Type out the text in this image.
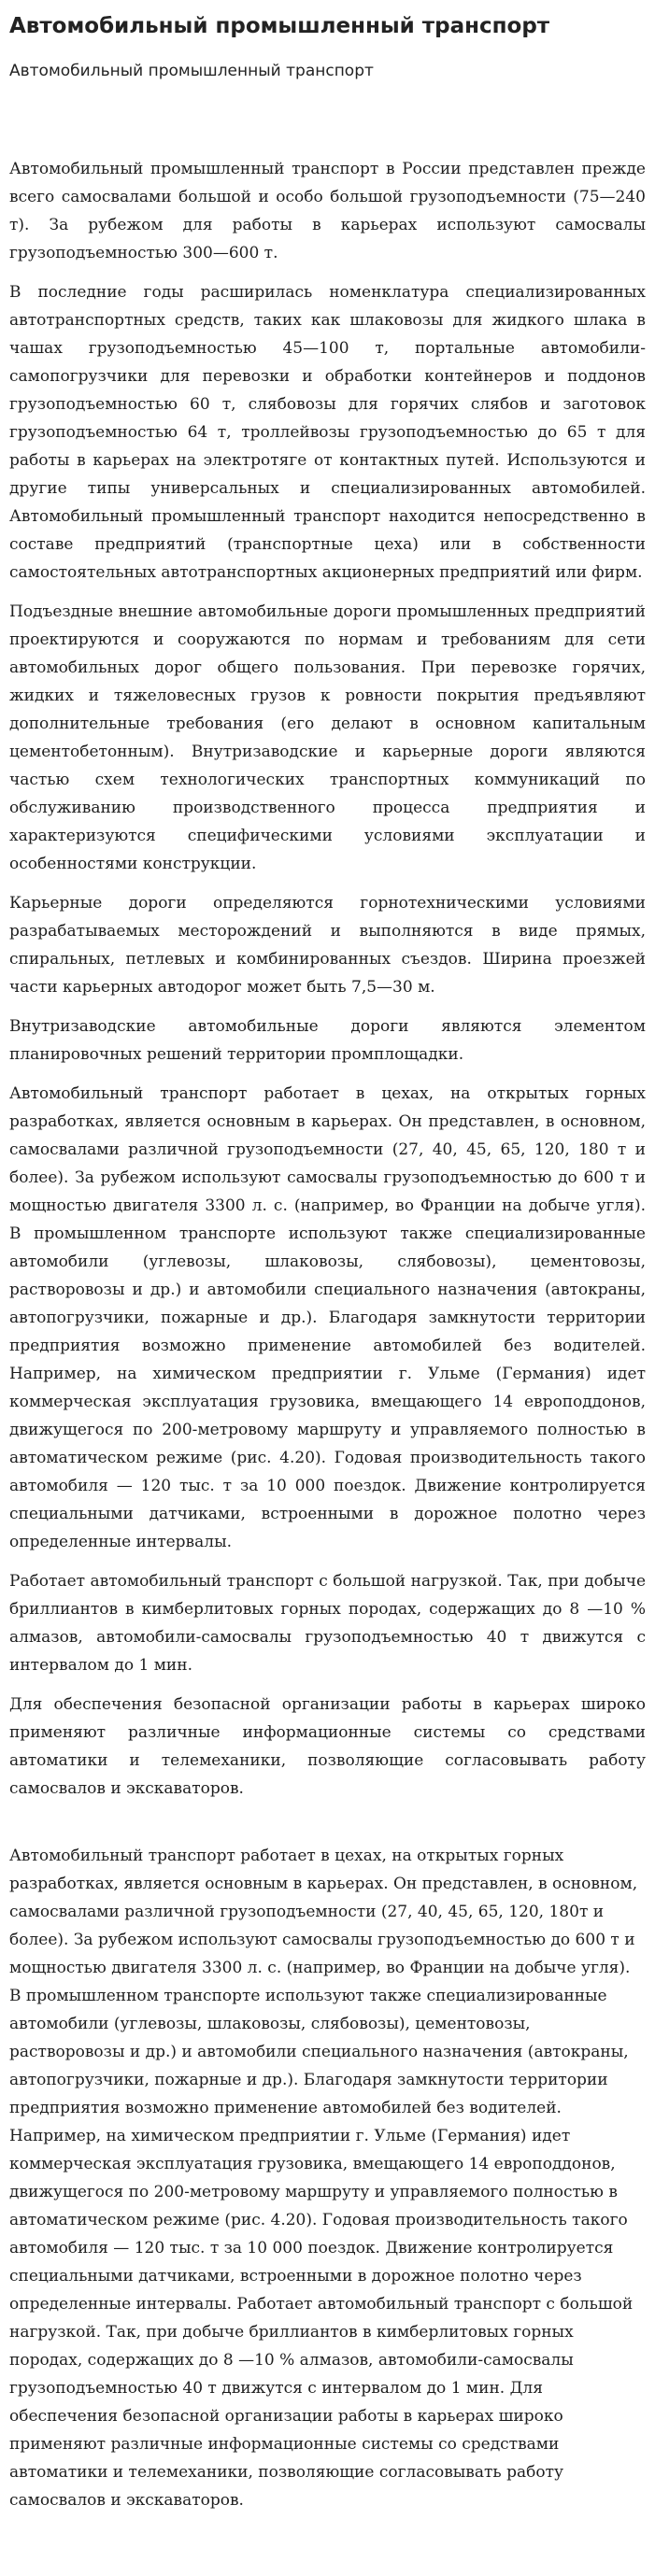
Автомобильный промышленный транспорт
Автомобильный промышленный транспорт

Автомобильный промышленный транспорт в России представлен прежде всего самосвалами большой и особо большой грузоподъемности (75—240 т). За рубежом для работы в карьерах используют самосвалы грузоподъемностью 300—600 т.

В последние годы расширилась номенклатура специализированных автотранспортных средств, таких как шлаковозы для жидкого шлака в чашах грузоподъемностью 45—100 т, портальные автомобили-самопогрузчики для перевозки и обработки контейнеров и поддонов грузоподъемностью 60 т, слябовозы для горячих слябов и заготовок грузоподъемностью 64 т, троллейвозы грузоподъемностью до 65 т для работы в карьерах на электротяге от контактных путей. Используются и другие типы универсальных и специализированных автомобилей. Автомобильный промышленный транспорт находится непосредственно в составе предприятий (транспортные цеха) или в собственности самостоятельных автотранспортных акционерных предприятий или фирм.

Подъездные внешние автомобильные дороги промышленных предприятий проектируются и сооружаются по нормам и требованиям для сети автомобильных дорог общего пользования. При перевозке горячих, жидких и тяжеловесных грузов к ровности покрытия предъявляют дополнительные требования (его делают в основном капитальным цементобетонным). Внутризаводские и карьерные дороги являются частью схем технологических транспортных коммуникаций по обслуживанию производственного процесса предприятия и характеризуются специфическими условиями эксплуатации и особенностями конструкции.

Карьерные дороги определяются горнотехническими условиями разрабатываемых месторождений и выполняются в виде прямых, спиральных, петлевых и комбинированных съездов. Ширина проезжей части карьерных автодорог может быть 7,5—30 м.

Внутризаводские автомобильные дороги являются элементом планировочных решений территории промплощадки.

Автомобильный транспорт работает в цехах, на открытых горных разработках, является основным в карьерах. Он представлен, в основном, самосвалами различной грузоподъемности (27, 40, 45, 65, 120, 180 т и более). За рубежом используют самосвалы грузоподъемностью до 600 т и мощностью двигателя 3300 л. с. (например, во Франции на добыче угля). В промышленном транспорте используют также специализированные автомобили (углевозы, шлаковозы, слябовозы), цементовозы, растворовозы и др.) и автомобили специального назначения (автокраны, автопогрузчики, пожарные и др.). Благодаря замкнутости территории предприятия возможно применение автомобилей без водителей. Например, на химическом предприятии г. Ульме (Германия) идет коммерческая эксплуатация грузовика, вмещающего 14 европоддонов, движущегося по 200-метровому маршруту и управляемого полностью в автоматическом режиме (рис. 4.20). Годовая производительность такого автомобиля — 120 тыс. т за 10 000 поездок. Движение контролируется специальными датчиками, встроенными в дорожное полотно через определенные интервалы.

Работает автомобильный транспорт с большой нагрузкой. Так, при добыче бриллиантов в кимберлитовых горных породах, содержащих до 8 —10 % алмазов, автомобили-самосвалы грузоподъемностью 40 т движутся с интервалом до 1 мин.

Для обеспечения безопасной организации работы в карьерах широко применяют различные информационные системы со средствами автоматики и телемеханики, позволяющие согласовывать работу самосвалов и экскаваторов.

Автомобильный транспорт работает в цехах, на открытых горных разработках, является основным в карьерах. Он представлен, в основном, самосвалами различной грузоподъемности (27, 40, 45, 65, 120, 180т и более). За рубежом используют самосвалы грузоподъемностью до 600 т и мощностью двигателя 3300 л. с. (например, во Франции на добыче угля). В промышленном транспорте используют также специализированные автомобили (углевозы, шлаковозы, слябовозы), цементовозы, растворовозы и др.) и автомобили специального назначения (автокраны, автопогрузчики, пожарные и др.). Благодаря замкнутости территории предприятия возможно применение автомобилей без водителей. Например, на химическом предприятии г. Ульме (Германия) идет коммерческая эксплуатация грузовика, вмещающего 14 европоддонов, движущегося по 200-метровому маршруту и управляемого полностью в автоматическом режиме (рис. 4.20). Годовая производительность такого автомобиля — 120 тыс. т за 10 000 поездок. Движение контролируется специальными датчиками, встроенными в дорожное полотно через определенные интервалы. Работает автомобильный транспорт с большой нагрузкой. Так, при добыче бриллиантов в кимберлитовых горных породах, содержащих до 8 —10 % алмазов, автомобили-самосвалы грузоподъемностью 40 т движутся с интервалом до 1 мин. Для обеспечения безопасной организации работы в карьерах широко применяют различные информационные системы со средствами автоматики и телемеханики, позволяющие согласовывать работу самосвалов и экскаваторов.
